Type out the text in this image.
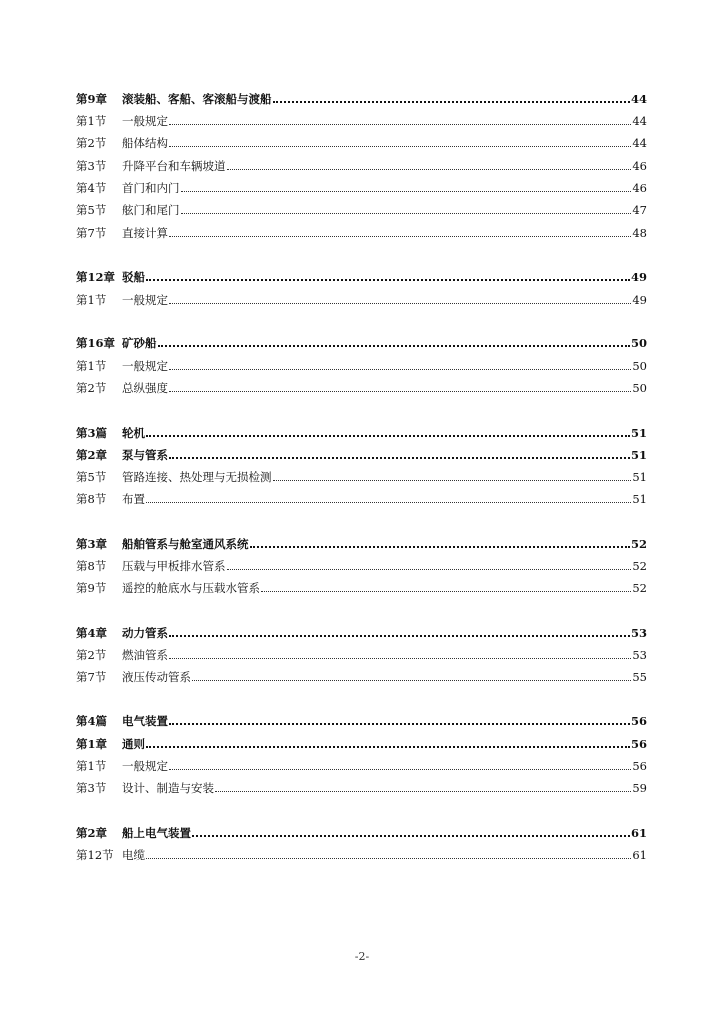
第9章	滚装船、客船、客滚船与渡船	44
第1节	一般规定	44
第2节	船体结构	44
第3节	升降平台和车辆坡道	46
第4节	首门和内门	46
第5节	舷门和尾门	47
第7节	直接计算	48
第12章 驳船	49
第1节	一般规定	49
第16章 矿砂船	50
第1节	一般规定	50
第2节	总纵强度	50
第3篇	轮机	51
第2章	泵与管系	51
第5节	管路连接、热处理与无损检测	51
第8节	布置	51
第3章	船舶管系与舱室通风系统	52
第8节	压载与甲板排水管系	52
第9节	遥控的舱底水与压载水管系	52
第4章	动力管系	53
第2节	燃油管系	53
第7节	液压传动管系	55
第4篇	电气装置	56
第1章	通则	56
第1节	一般规定	56
第3节	设计、制造与安装	59
第2章	船上电气装置	61
第12节 电缆	61
-2-
